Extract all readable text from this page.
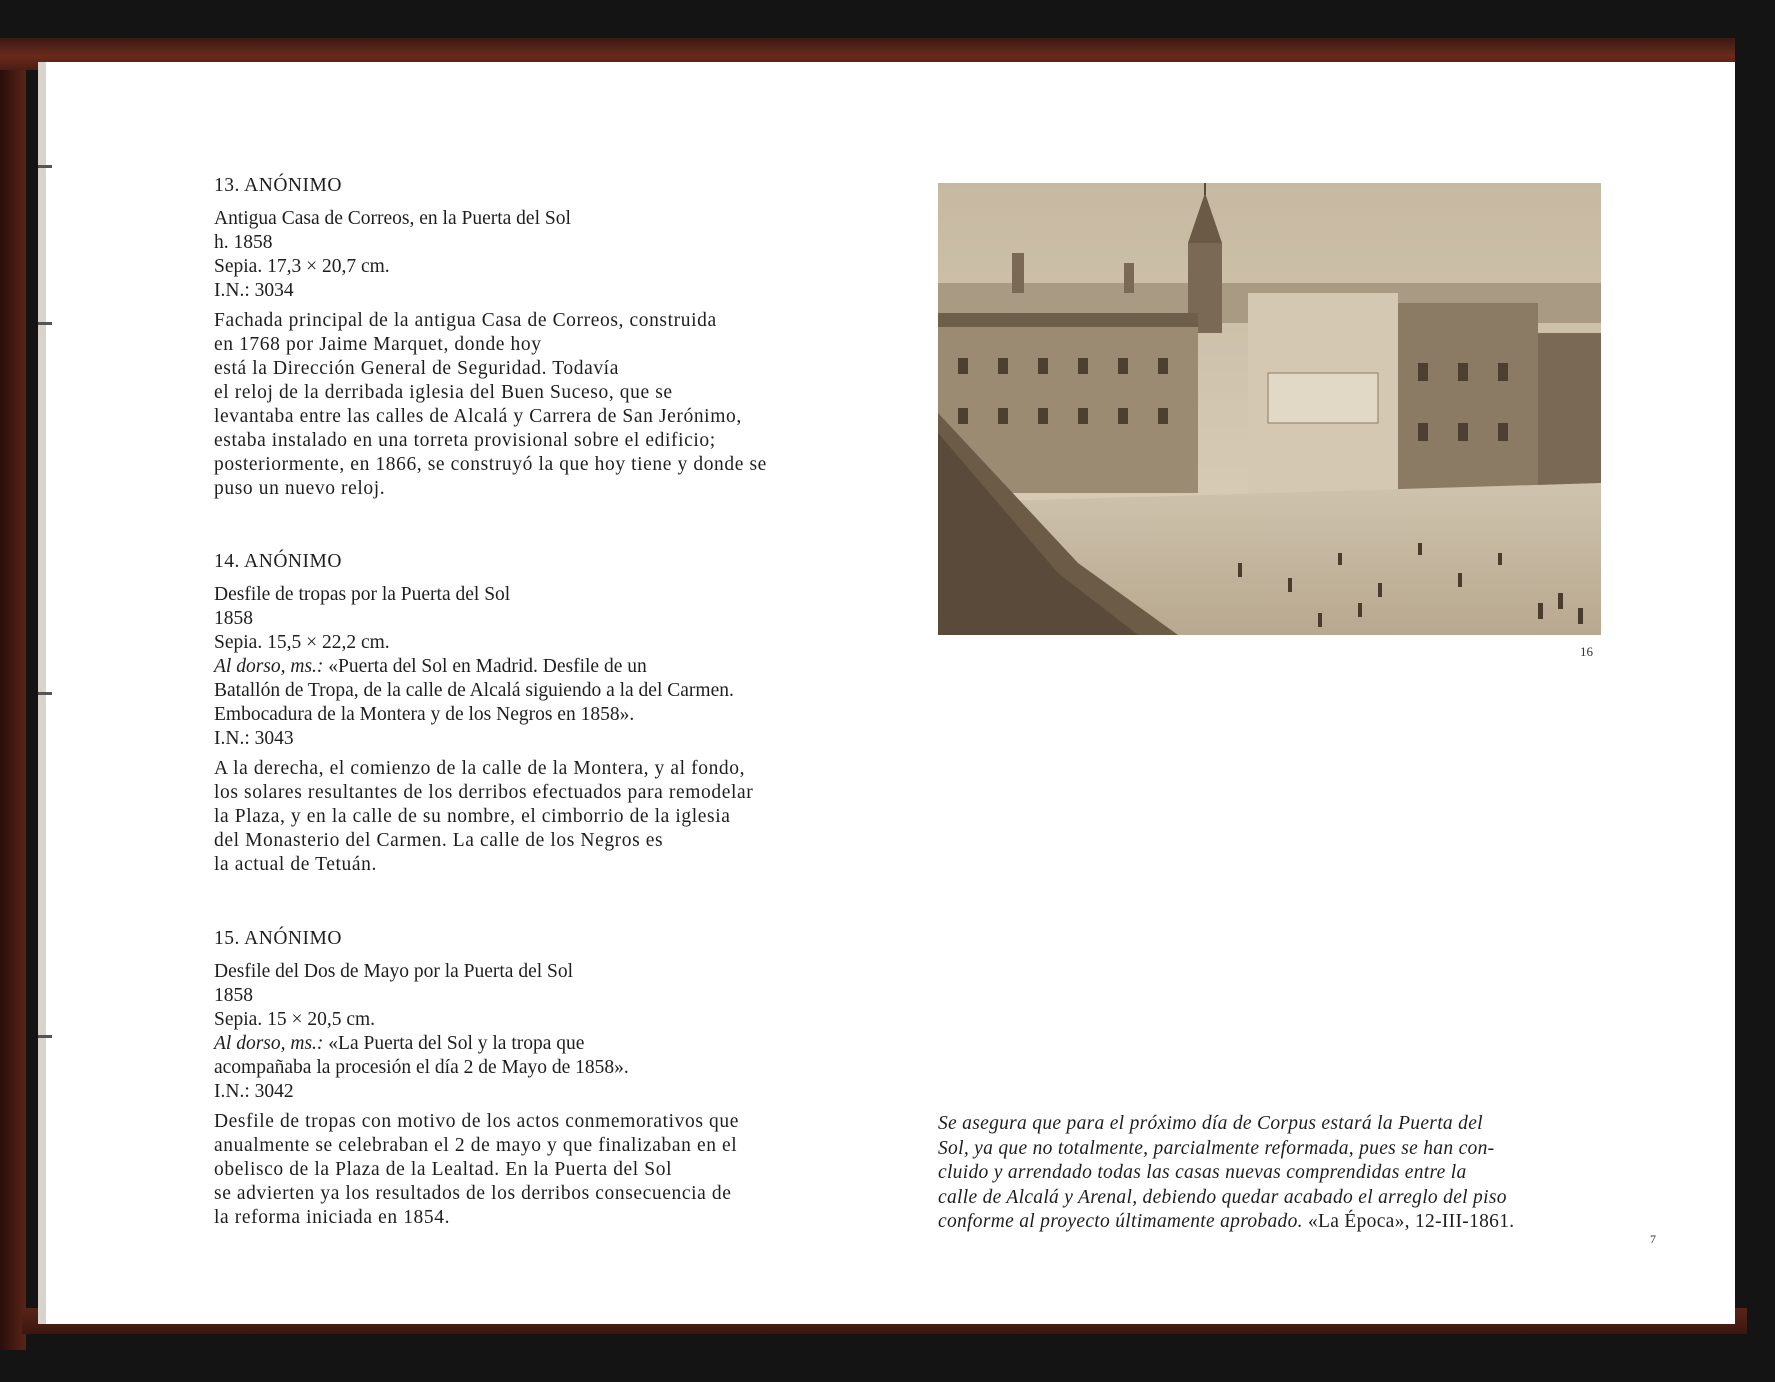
13. ANÓNIMO
Antigua Casa de Correos, en la Puerta del Sol
h. 1858
Sepia. 17,3 × 20,7 cm.
I.N.: 3034
Fachada principal de la antigua Casa de Correos, construida
en 1768 por Jaime Marquet, donde hoy
está la Dirección General de Seguridad. Todavía
el reloj de la derribada iglesia del Buen Suceso, que se
levantaba entre las calles de Alcalá y Carrera de San Jerónimo,
estaba instalado en una torreta provisional sobre el edificio;
posteriormente, en 1866, se construyó la que hoy tiene y donde se
puso un nuevo reloj.
14. ANÓNIMO
Desfile de tropas por la Puerta del Sol
1858
Sepia. 15,5 × 22,2 cm.
Al dorso, ms.: «Puerta del Sol en Madrid. Desfile de un
Batallón de Tropa, de la calle de Alcalá siguiendo a la del Carmen.
Embocadura de la Montera y de los Negros en 1858».
I.N.: 3043
A la derecha, el comienzo de la calle de la Montera, y al fondo,
los solares resultantes de los derribos efectuados para remodelar
la Plaza, y en la calle de su nombre, el cimborrio de la iglesia
del Monasterio del Carmen. La calle de los Negros es
la actual de Tetuán.
15. ANÓNIMO
Desfile del Dos de Mayo por la Puerta del Sol
1858
Sepia. 15 × 20,5 cm.
Al dorso, ms.: «La Puerta del Sol y la tropa que
acompañaba la procesión el día 2 de Mayo de 1858».
I.N.: 3042
Desfile de tropas con motivo de los actos conmemorativos que
anualmente se celebraban el 2 de mayo y que finalizaban en el
obelisco de la Plaza de la Lealtad. En la Puerta del Sol
se advierten ya los resultados de los derribos consecuencia de
la reforma iniciada en 1854.
16
Se asegura que para el próximo día de Corpus estará la Puerta del
Sol, ya que no totalmente, parcialmente reformada, pues se han con-
cluido y arrendado todas las casas nuevas comprendidas entre la
calle de Alcalá y Arenal, debiendo quedar acabado el arreglo del piso
conforme al proyecto últimamente aprobado. «La Época», 12-III-1861.
7
